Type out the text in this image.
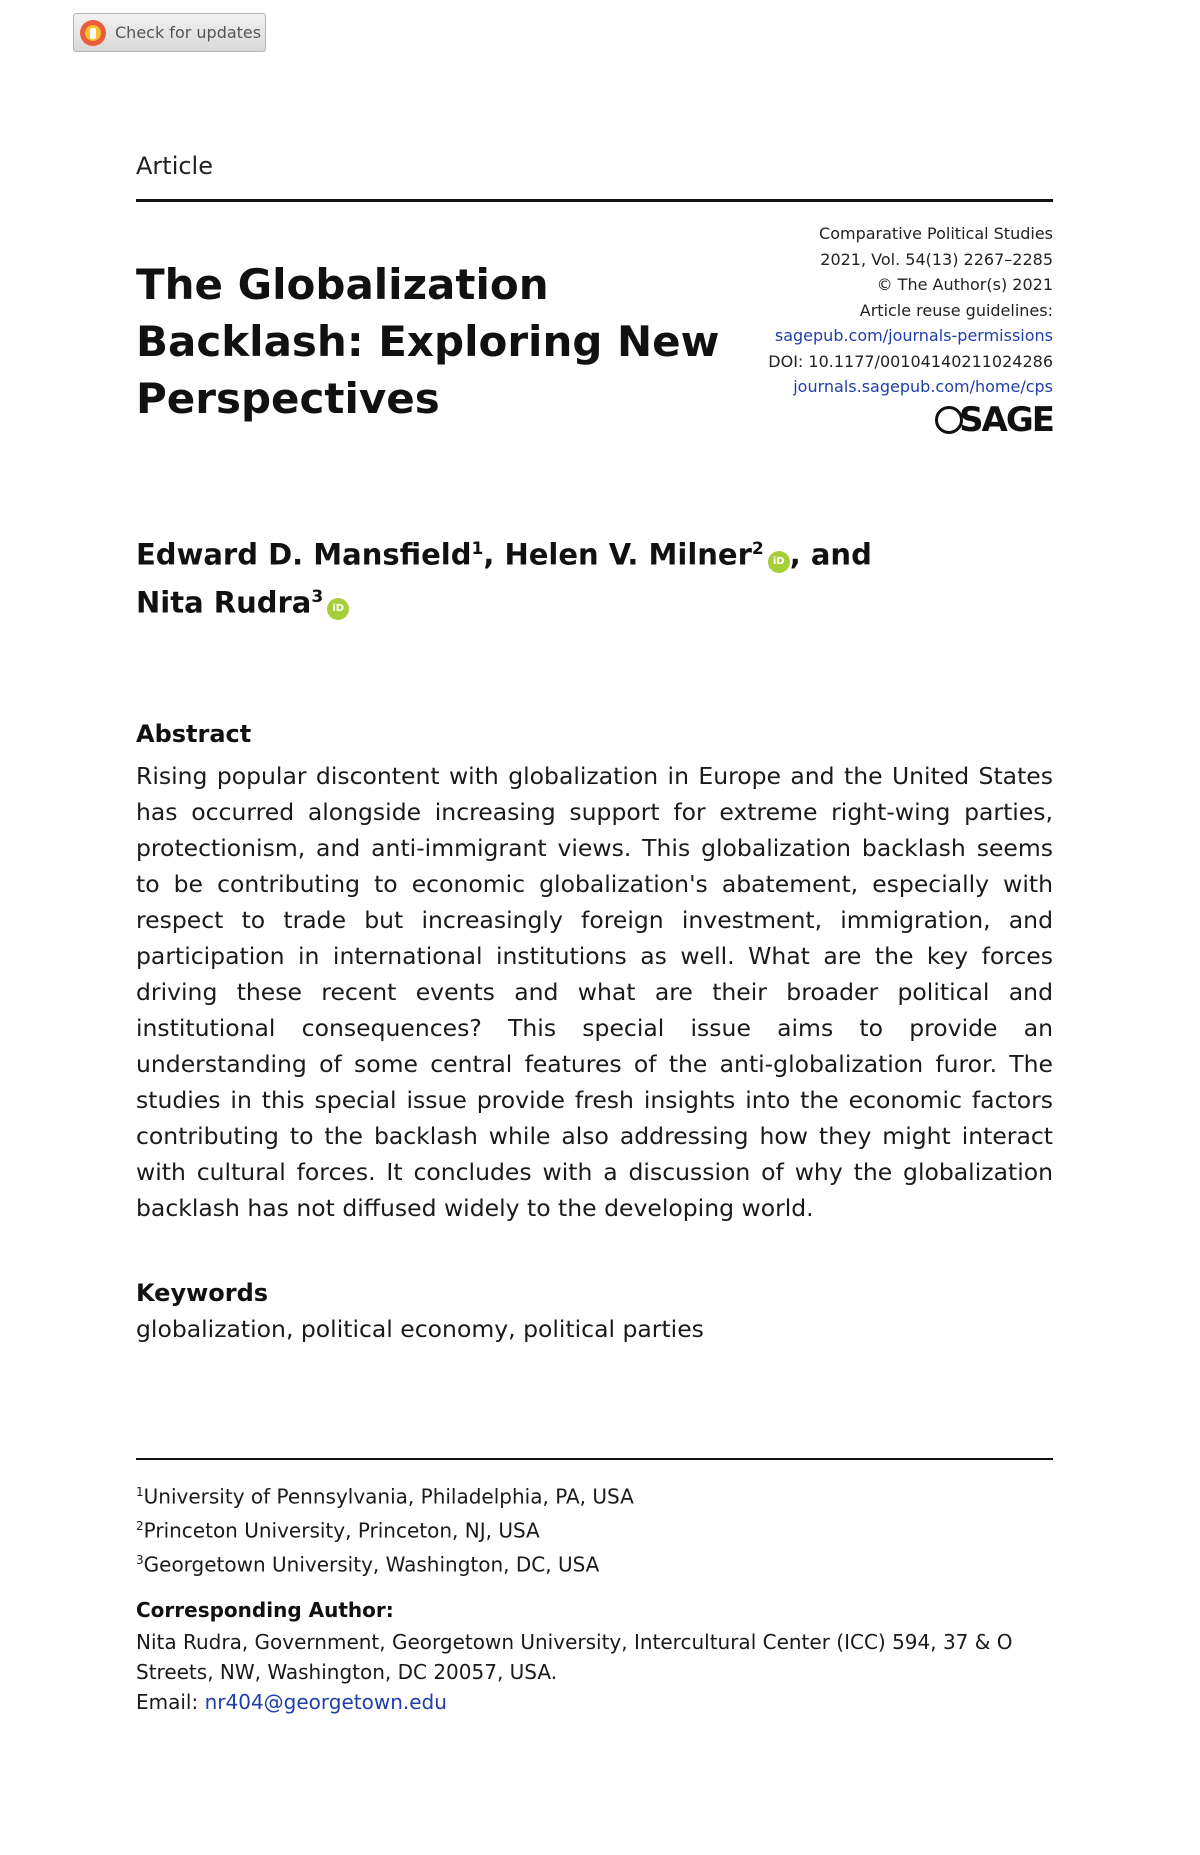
Check for updates
Article
The Globalization Backlash: Exploring New Perspectives
Comparative Political Studies
2021, Vol. 54(13) 2267–2285
© The Author(s) 2021
Article reuse guidelines:
sagepub.com/journals-permissions
DOI: 10.1177/00104140211024286
journals.sagepub.com/home/cps
SAGE
Edward D. Mansfield$^1$, Helen V. Milner$^2$iD , and
Nita Rudra$^3$iD
Abstract
Rising popular discontent with globalization in Europe and the United States has occurred alongside increasing support for extreme right-wing parties, protectionism, and anti-immigrant views. This globalization backlash seems to be contributing to economic globalization's abatement, especially with respect to trade but increasingly foreign investment, immigration, and participation in international institutions as well. What are the key forces driving these recent events and what are their broader political and institutional consequences? This special issue aims to provide an understanding of some central features of the anti-globalization furor. The studies in this special issue provide fresh insights into the economic factors contributing to the backlash while also addressing how they might interact with cultural forces. It concludes with a discussion of why the globalization backlash has not diffused widely to the developing world.
Keywords
globalization, political economy, political parties
$^1$University of Pennsylvania, Philadelphia, PA, USA
$^2$Princeton University, Princeton, NJ, USA
$^3$Georgetown University, Washington, DC, USA
Corresponding Author:
Nita Rudra, Government, Georgetown University, Intercultural Center (ICC) 594, 37 & O Streets, NW, Washington, DC 20057, USA.
Email: nr404@georgetown.edu
